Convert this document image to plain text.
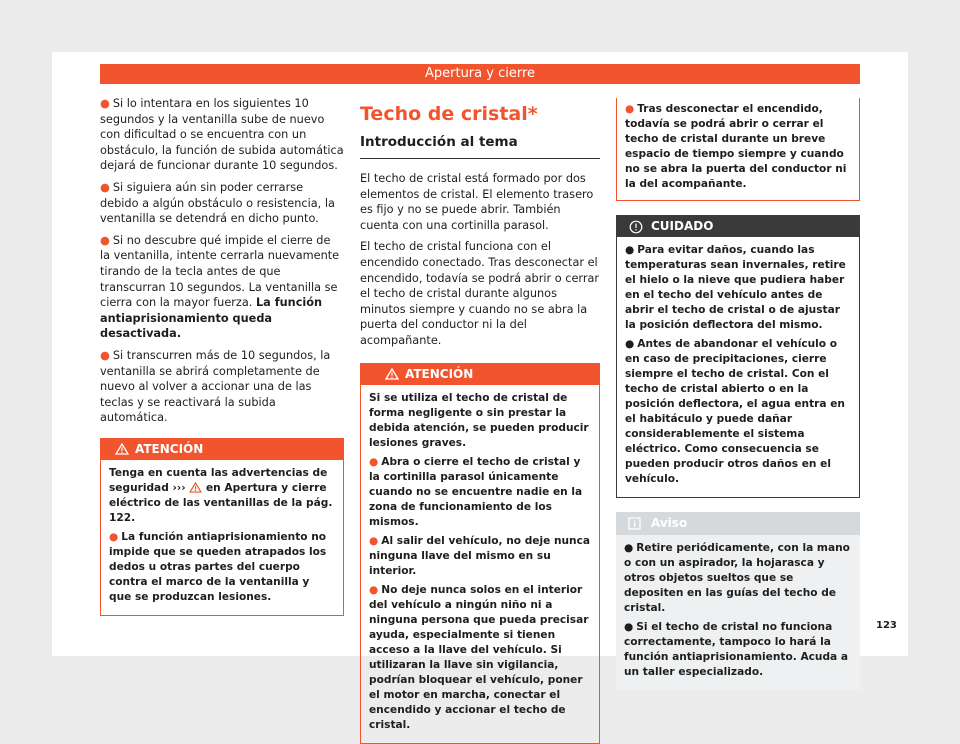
Apertura y cierre

● Si lo intentara en los siguientes 10 segundos y la ventanilla sube de nuevo con dificultad o se encuentra con un obstáculo, la función de subida automática dejará de funcionar durante 10 segundos.

● Si siguiera aún sin poder cerrarse debido a algún obstáculo o resistencia, la ventanilla se detendrá en dicho punto.

● Si no descubre qué impide el cierre de la ventanilla, intente cerrarla nuevamente tirando de la tecla antes de que transcurran 10 segundos. La ventanilla se cierra con la mayor fuerza. La función antiaprisionamiento queda desactivada.

● Si transcurren más de 10 segundos, la ventanilla se abrirá completamente de nuevo al volver a accionar una de las teclas y se reactivará la subida automática.

ATENCIÓN

Tenga en cuenta las advertencias de seguridad ››› en Apertura y cierre eléctrico de las ventanillas de la pág. 122.

● La función antiaprisionamiento no impide que se queden atrapados los dedos u otras partes del cuerpo contra el marco de la ventanilla y que se produzcan lesiones.

Techo de cristal*
Introducción al tema

El techo de cristal está formado por dos elementos de cristal. El elemento trasero es fijo y no se puede abrir. También cuenta con una cortinilla parasol.

El techo de cristal funciona con el encendido conectado. Tras desconectar el encendido, todavía se podrá abrir o cerrar el techo de cristal durante algunos minutos siempre y cuando no se abra la puerta del conductor ni la del acompañante.

ATENCIÓN

Si se utiliza el techo de cristal de forma negligente o sin prestar la debida atención, se pueden producir lesiones graves.

● Abra o cierre el techo de cristal y la cortinilla parasol únicamente cuando no se encuentre nadie en la zona de funcionamiento de los mismos.

● Al salir del vehículo, no deje nunca ninguna llave del mismo en su interior.

● No deje nunca solos en el interior del vehículo a ningún niño ni a ninguna persona que pueda precisar ayuda, especialmente si tienen acceso a la llave del vehículo. Si utilizaran la llave sin vigilancia, podrían bloquear el vehículo, poner el motor en marcha, conectar el encendido y accionar el techo de cristal.

● Tras desconectar el encendido, todavía se podrá abrir o cerrar el techo de cristal durante un breve espacio de tiempo siempre y cuando no se abra la puerta del conductor ni la del acompañante.
CUIDADO

● Para evitar daños, cuando las temperaturas sean invernales, retire el hielo o la nieve que pudiera haber en el techo del vehículo antes de abrir el techo de cristal o de ajustar la posición deflectora del mismo.

● Antes de abandonar el vehículo o en caso de precipitaciones, cierre siempre el techo de cristal. Con el techo de cristal abierto o en la posición deflectora, el agua entra en el habitáculo y puede dañar considerablemente el sistema eléctrico. Como consecuencia se pueden producir otros daños en el vehículo.

Aviso

● Retire periódicamente, con la mano o con un aspirador, la hojarasca y otros objetos sueltos que se depositen en las guías del techo de cristal.

● Si el techo de cristal no funciona correctamente, tampoco lo hará la función antiaprisionamiento. Acuda a un taller especializado.

123
